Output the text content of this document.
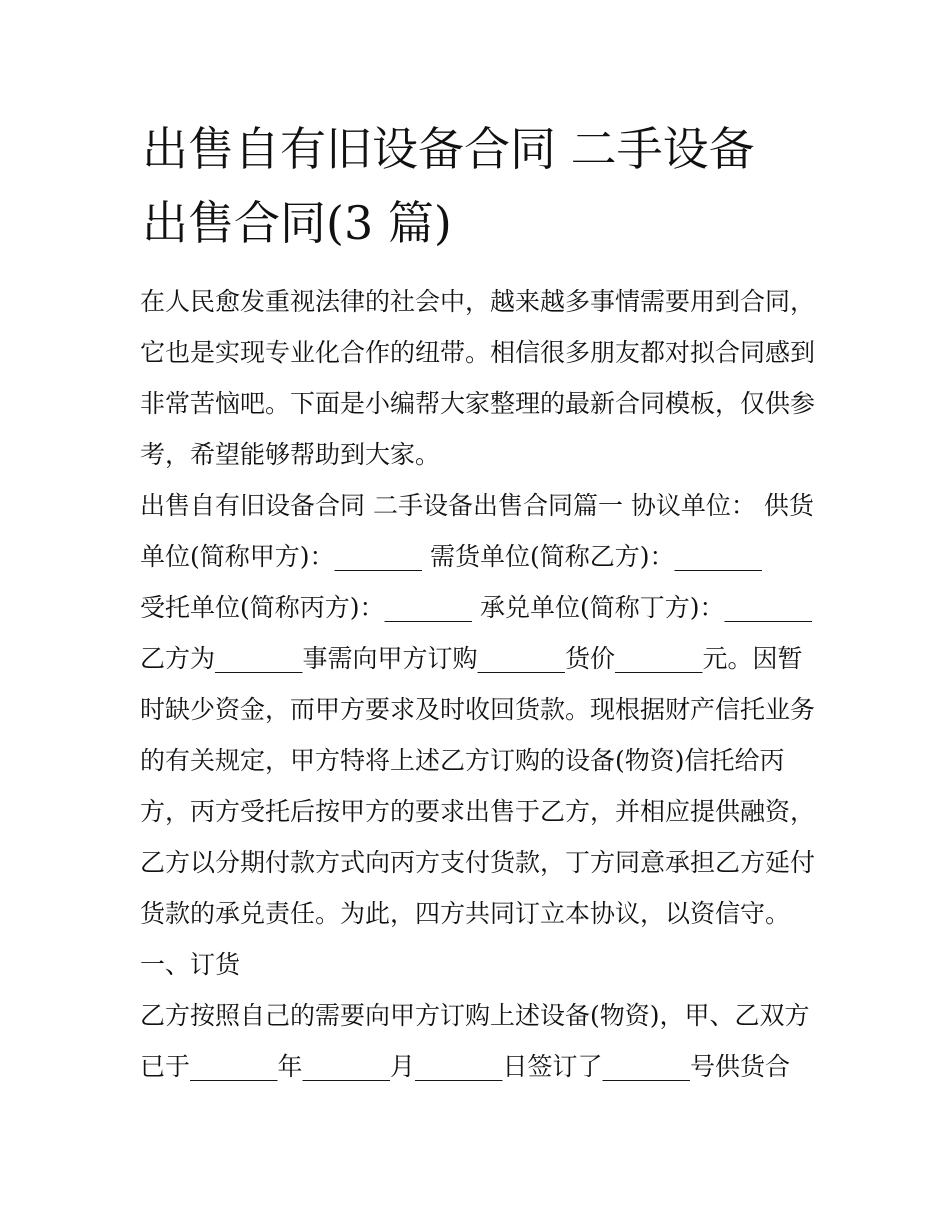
出售自有旧设备合同 二手设备
出售合同(3 篇)
在人民愈发重视法律的社会中，越来越多事情需要用到合同，
它也是实现专业化合作的纽带。相信很多朋友都对拟合同感到
非常苦恼吧。下面是小编帮大家整理的最新合同模板，仅供参
考，希望能够帮助到大家。
出售自有旧设备合同 二手设备出售合同篇一 协议单位： 供货
单位(简称甲方)：_______ 需货单位(简称乙方)：_______
受托单位(简称丙方)：_______ 承兑单位(简称丁方)：_______
乙方为_______事需向甲方订购_______货价_______元。因暂
时缺少资金，而甲方要求及时收回货款。现根据财产信托业务
的有关规定，甲方特将上述乙方订购的设备(物资)信托给丙
方，丙方受托后按甲方的要求出售于乙方，并相应提供融资，
乙方以分期付款方式向丙方支付货款，丁方同意承担乙方延付
货款的承兑责任。为此，四方共同订立本协议，以资信守。
一、订货
乙方按照自己的需要向甲方订购上述设备(物资)，甲、乙双方
已于_______年_______月_______日签订了_______号供货合
